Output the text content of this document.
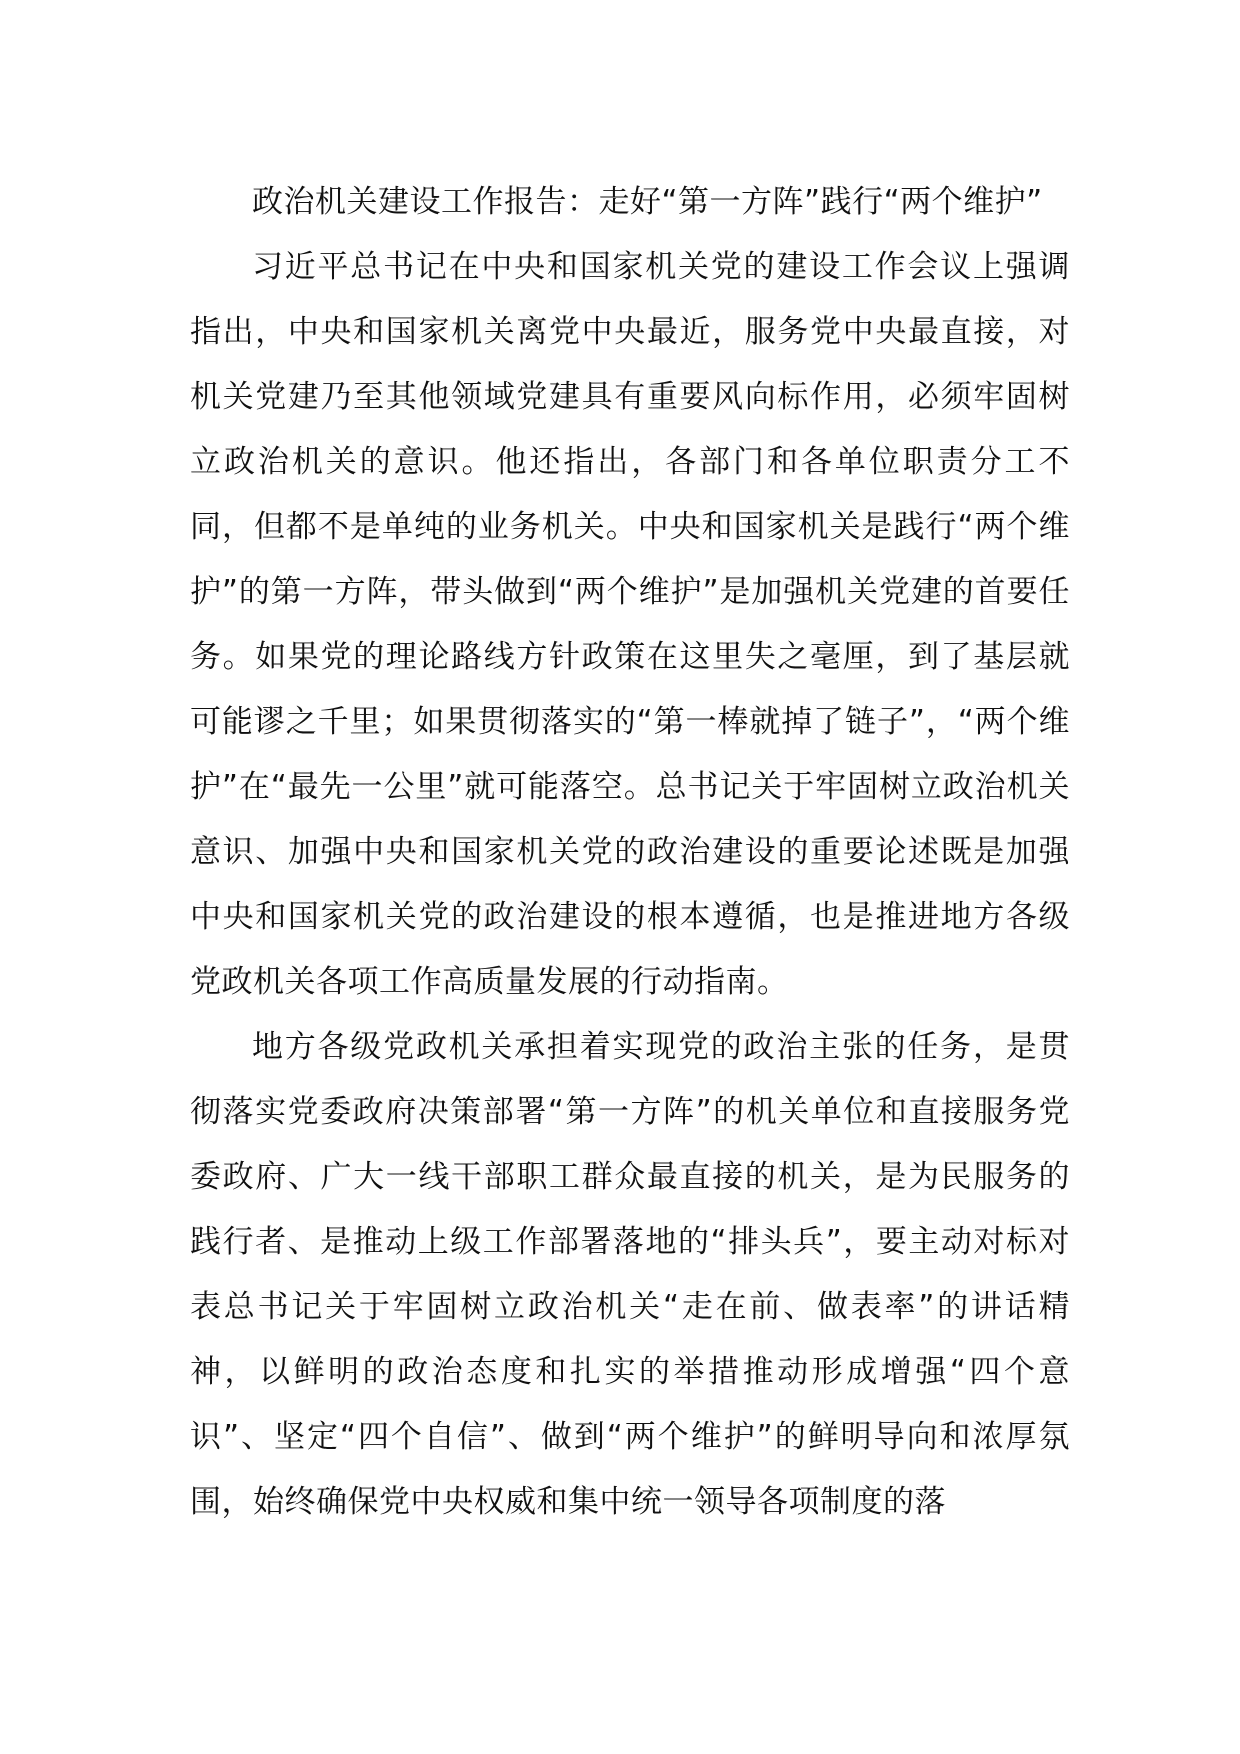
政治机关建设工作报告：走好“第一方阵”践行“两个维护”

习近平总书记在中央和国家机关党的建设工作会议上强调指出，中央和国家机关离党中央最近，服务党中央最直接，对机关党建乃至其他领域党建具有重要风向标作用，必须牢固树立政治机关的意识。他还指出，各部门和各单位职责分工不同，但都不是单纯的业务机关。中央和国家机关是践行“两个维护”的第一方阵，带头做到“两个维护”是加强机关党建的首要任务。如果党的理论路线方针政策在这里失之毫厘，到了基层就可能谬之千里；如果贯彻落实的“第一棒就掉了链子”，“两个维护”在“最先一公里”就可能落空。总书记关于牢固树立政治机关意识、加强中央和国家机关党的政治建设的重要论述既是加强中央和国家机关党的政治建设的根本遵循，也是推进地方各级党政机关各项工作高质量发展的行动指南。

地方各级党政机关承担着实现党的政治主张的任务，是贯彻落实党委政府决策部署“第一方阵”的机关单位和直接服务党委政府、广大一线干部职工群众最直接的机关，是为民服务的践行者、是推动上级工作部署落地的“排头兵”，要主动对标对表总书记关于牢固树立政治机关“走在前、做表率”的讲话精神，以鲜明的政治态度和扎实的举措推动形成增强“四个意识”、坚定“四个自信”、做到“两个维护”的鲜明导向和浓厚氛围，始终确保党中央权威和集中统一领导各项制度的落
